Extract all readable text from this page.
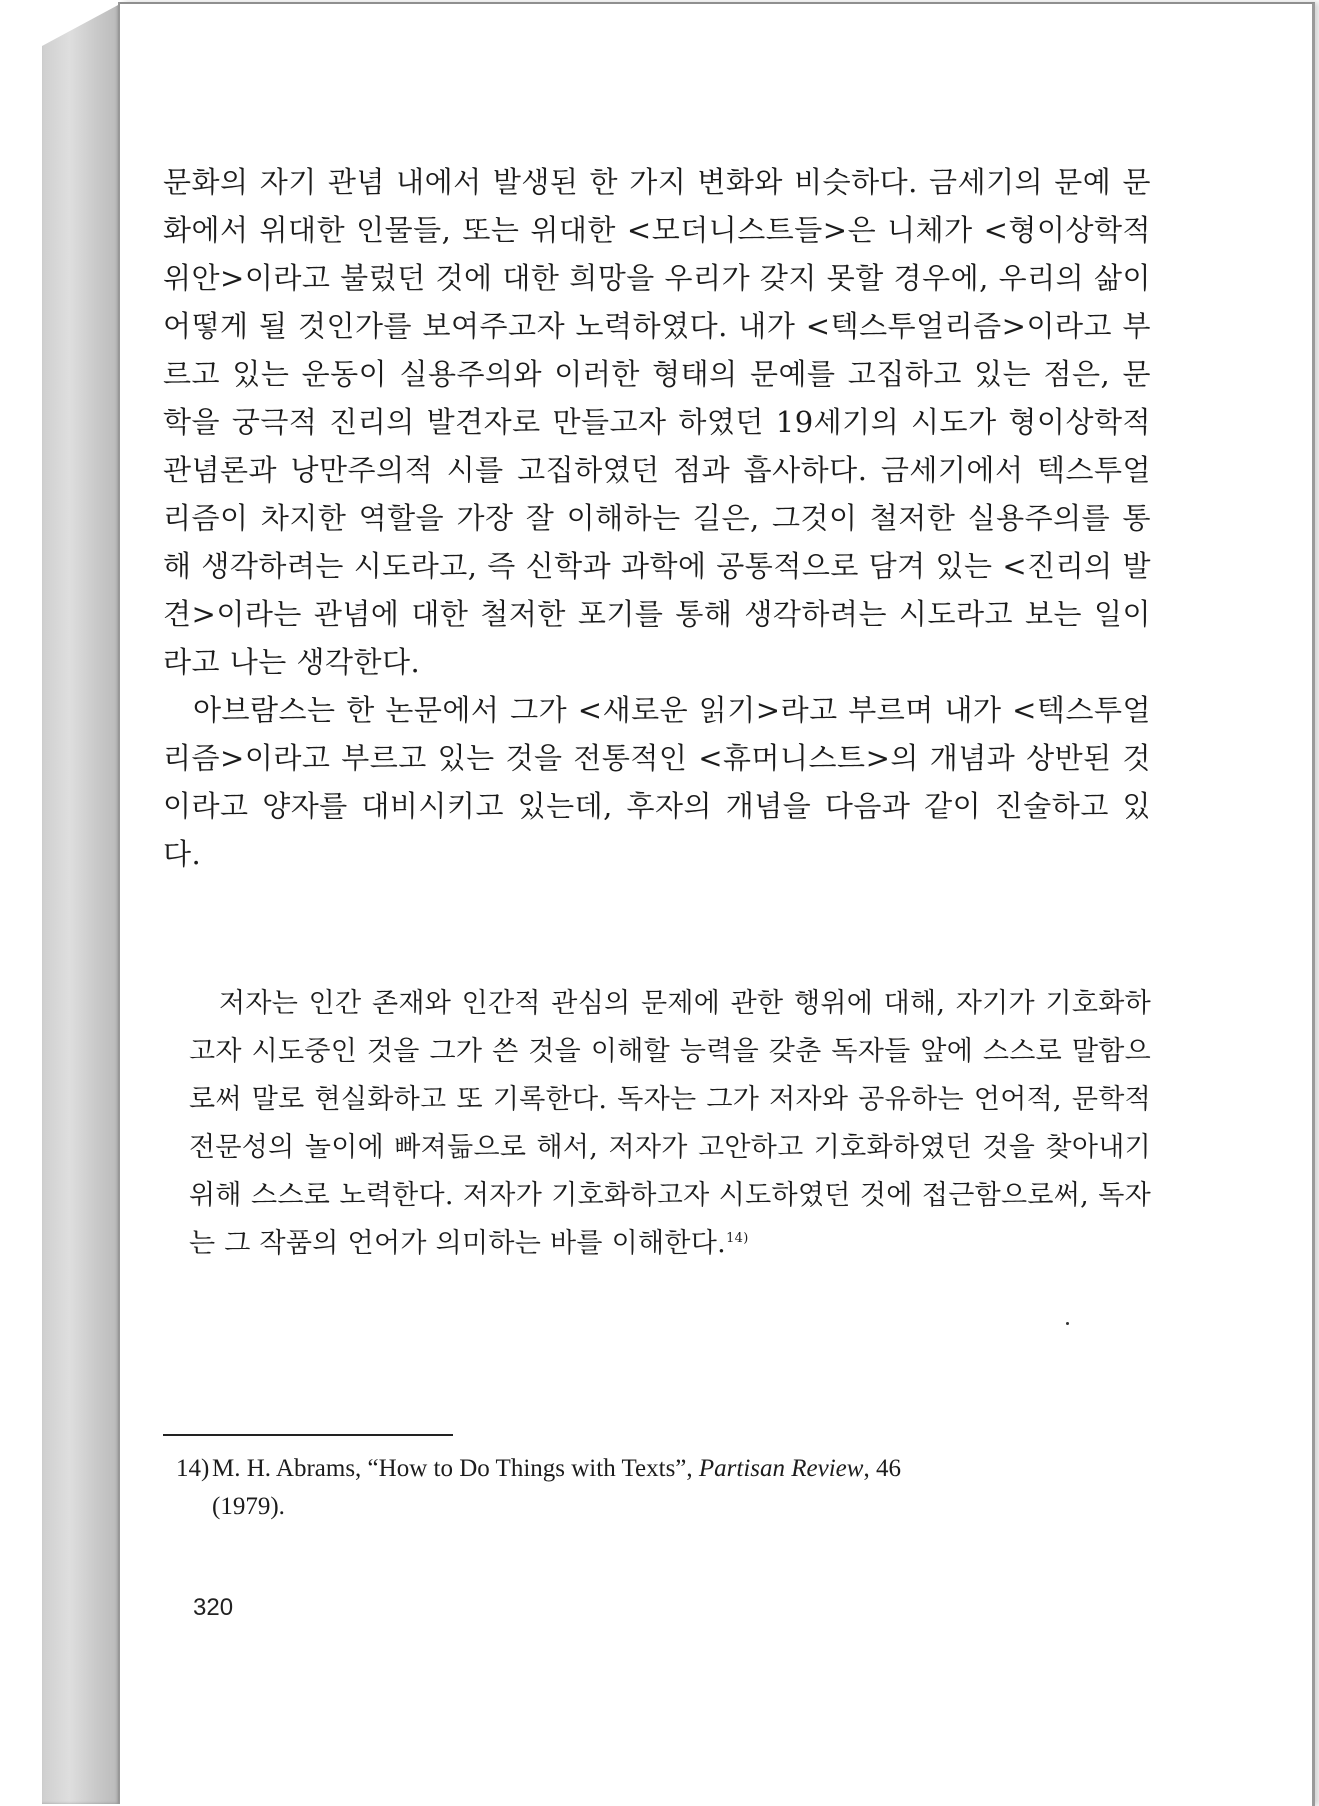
문화의 자기 관념 내에서 발생된 한 가지 변화와 비슷하다. 금세기의 문예 문화에서 위대한 인물들, 또는 위대한 <모더니스트들>은 니체가 <형이상학적 위안>이라고 불렀던 것에 대한 희망을 우리가 갖지 못할 경우에, 우리의 삶이 어떻게 될 것인가를 보여주고자 노력하였다. 내가 <텍스투얼리즘>이라고 부르고 있는 운동이 실용주의와 이러한 형태의 문예를 고집하고 있는 점은, 문학을 궁극적 진리의 발견자로 만들고자 하였던 19세기의 시도가 형이상학적 관념론과 낭만주의적 시를 고집하였던 점과 흡사하다. 금세기에서 텍스투얼리즘이 차지한 역할을 가장 잘 이해하는 길은, 그것이 철저한 실용주의를 통해 생각하려는 시도라고, 즉 신학과 과학에 공통적으로 담겨 있는 <진리의 발견>이라는 관념에 대한 철저한 포기를 통해 생각하려는 시도라고 보는 일이라고 나는 생각한다.

아브람스는 한 논문에서 그가 <새로운 읽기>라고 부르며 내가 <텍스투얼리즘>이라고 부르고 있는 것을 전통적인 <휴머니스트>의 개념과 상반된 것이라고 양자를 대비시키고 있는데, 후자의 개념을 다음과 같이 진술하고 있다.

저자는 인간 존재와 인간적 관심의 문제에 관한 행위에 대해, 자기가 기호화하고자 시도중인 것을 그가 쓴 것을 이해할 능력을 갖춘 독자들 앞에 스스로 말함으로써 말로 현실화하고 또 기록한다. 독자는 그가 저자와 공유하는 언어적, 문학적 전문성의 놀이에 빠져듦으로 해서, 저자가 고안하고 기호화하였던 것을 찾아내기 위해 스스로 노력한다. 저자가 기호화하고자 시도하였던 것에 접근함으로써, 독자는 그 작품의 언어가 의미하는 바를 이해한다.$^{14)}$
14) M. H. Abrams, “How to Do Things with Texts”, Partisan Review, 46
(1979).
320
